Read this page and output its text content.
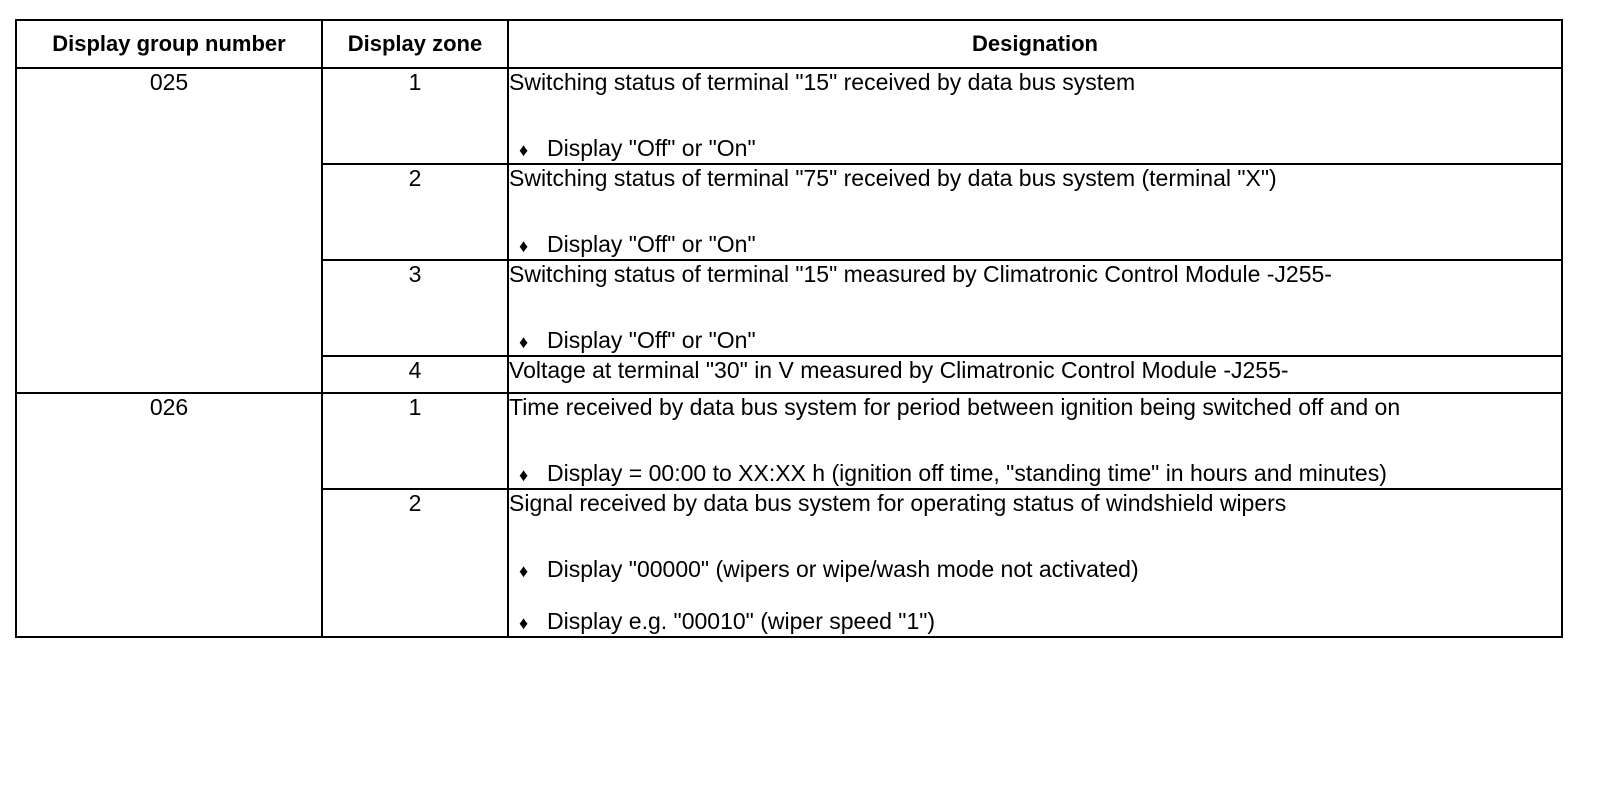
Display group number	Display zone	Designation
025	1	Switching status of terminal "15" received by data bus system
♦ Display "Off" or "On"

	2	Switching status of terminal "75" received by data bus system (terminal "X")
♦ Display "Off" or "On"

	3	Switching status of terminal "15" measured by Climatronic Control Module -J255-
♦ Display "Off" or "On"

	4	Voltage at terminal "30" in V measured by Climatronic Control Module -J255-

026	1	Time received by data bus system for period between ignition being switched off and on
♦ Display = 00:00 to XX:XX h (ignition off time, "standing time" in hours and minutes)

	2	Signal received by data bus system for operating status of windshield wipers
♦ Display "00000" (wipers or wipe/wash mode not activated)
♦ Display e.g. "00010" (wiper speed "1")
